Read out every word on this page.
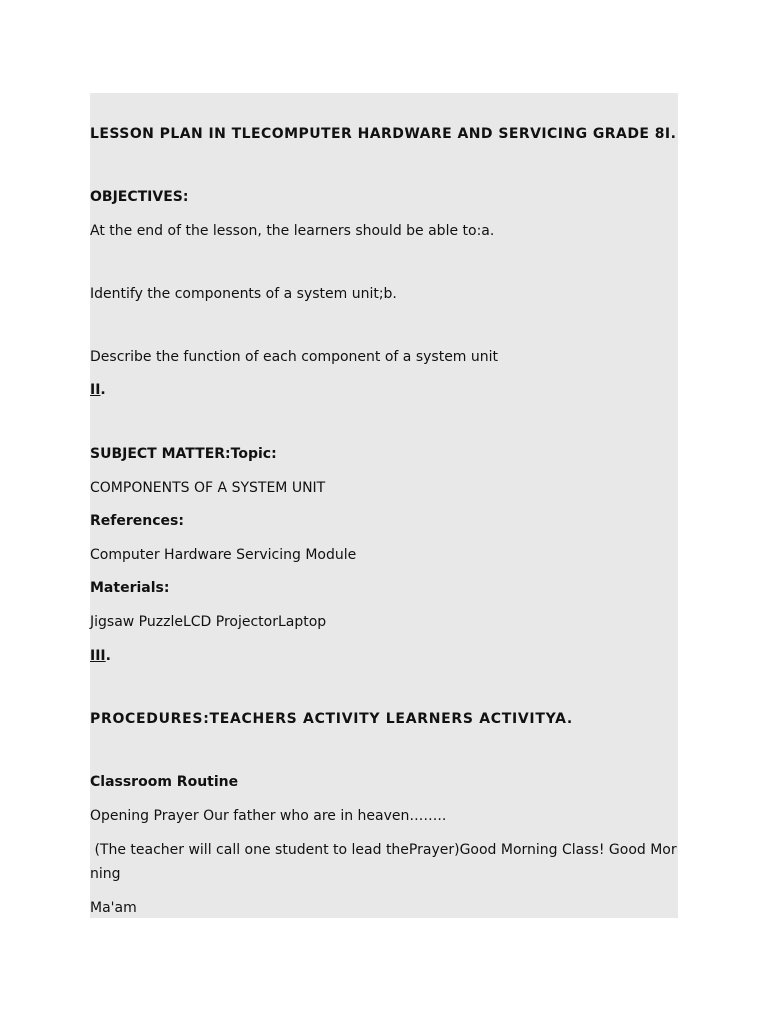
LESSON PLAN IN TLECOMPUTER HARDWARE AND SERVICING GRADE 8I.
OBJECTIVES:
At the end of the lesson, the learners should be able to:a.
Identify the components of a system unit;b.
Describe the function of each component of a system unit
II.
SUBJECT MATTER:Topic:
COMPONENTS OF A SYSTEM UNIT
References:
Computer Hardware Servicing Module
Materials:
Jigsaw PuzzleLCD ProjectorLaptop
III.
PROCEDURES:TEACHERS ACTIVITY LEARNERS ACTIVITYA.
Classroom Routine
Opening Prayer Our father who are in heaven……..
(The teacher will call one student to lead thePrayer)Good Morning Class! Good Mor
ning
Ma'am
